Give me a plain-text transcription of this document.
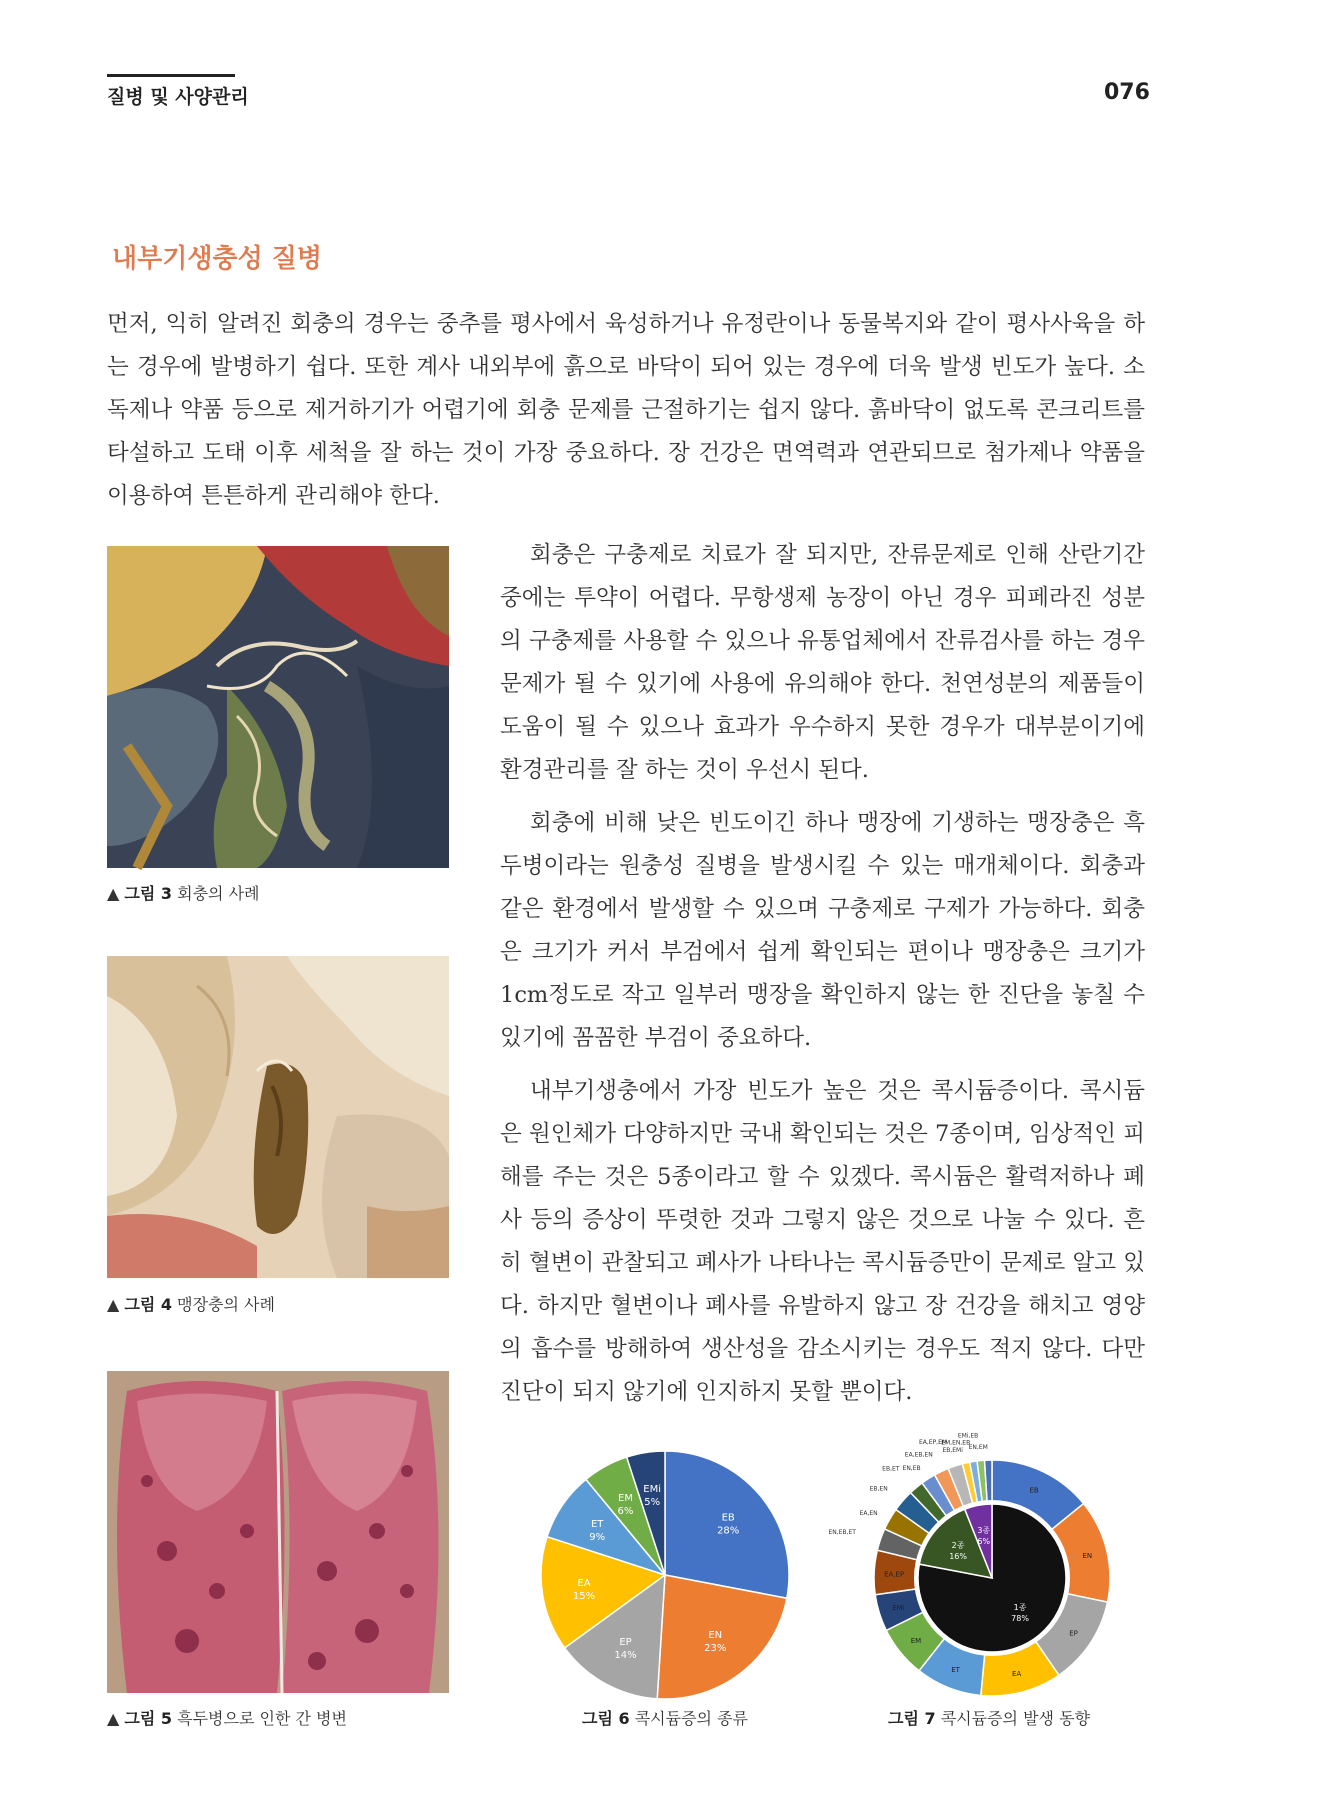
질병 및 사양관리	076
내부기생충성 질병

먼저, 익히 알려진 회충의 경우는 중추를 평사에서 육성하거나 유정란이나 동물복지와 같이 평사사육을 하는 경우에 발병하기 쉽다. 또한 계사 내외부에 흙으로 바닥이 되어 있는 경우에 더욱 발생 빈도가 높다. 소독제나 약품 등으로 제거하기가 어렵기에 회충 문제를 근절하기는 쉽지 않다. 흙바닥이 없도록 콘크리트를 타설하고 도태 이후 세척을 잘 하는 것이 가장 중요하다. 장 건강은 면역력과 연관되므로 첨가제나 약품을 이용하여 튼튼하게 관리해야 한다.

회충은 구충제로 치료가 잘 되지만, 잔류문제로 인해 산란기간 중에는 투약이 어렵다. 무항생제 농장이 아닌 경우 피페라진 성분의 구충제를 사용할 수 있으나 유통업체에서 잔류검사를 하는 경우 문제가 될 수 있기에 사용에 유의해야 한다. 천연성분의 제품들이 도움이 될 수 있으나 효과가 우수하지 못한 경우가 대부분이기에 환경관리를 잘 하는 것이 우선시 된다.

회충에 비해 낮은 빈도이긴 하나 맹장에 기생하는 맹장충은 흑두병이라는 원충성 질병을 발생시킬 수 있는 매개체이다. 회충과 같은 환경에서 발생할 수 있으며 구충제로 구제가 가능하다. 회충은 크기가 커서 부검에서 쉽게 확인되는 편이나 맹장충은 크기가 1cm정도로 작고 일부러 맹장을 확인하지 않는 한 진단을 놓칠 수 있기에 꼼꼼한 부검이 중요하다.

내부기생충에서 가장 빈도가 높은 것은 콕시듐증이다. 콕시듐은 원인체가 다양하지만 국내 확인되는 것은 7종이며, 임상적인 피해를 주는 것은 5종이라고 할 수 있겠다. 콕시듐은 활력저하나 폐사 등의 증상이 뚜렷한 것과 그렇지 않은 것으로 나눌 수 있다. 흔히 혈변이 관찰되고 폐사가 나타나는 콕시듐증만이 문제로 알고 있다. 하지만 혈변이나 폐사를 유발하지 않고 장 건강을 해치고 영양의 흡수를 방해하여 생산성을 감소시키는 경우도 적지 않다. 다만 진단이 되지 않기에 인지하지 못할 뿐이다.

▲ 그림 3 회충의 사례
▲ 그림 4 맹장충의 사례
▲ 그림 5 흑두병으로 인한 간 병변
EB
28%
EN
23%
EP
14%
EA
15%
ET
9%
EM
6%
EMi
5%
그림 6 콕시듐증의 종류
1종
78%
2종
16%
3종
6%
EB
EN
EP
EA
ET
EM
EMi
EA,EP
EN,EB,ET
EA,EN
EB,EN
EB,ET EN,EB
EA,EB,EN
EA,EP,EM
EB,EMi
EM,EN,EB
EMi,EB
EN,EM
그림 7 콕시듐증의 발생 동향
